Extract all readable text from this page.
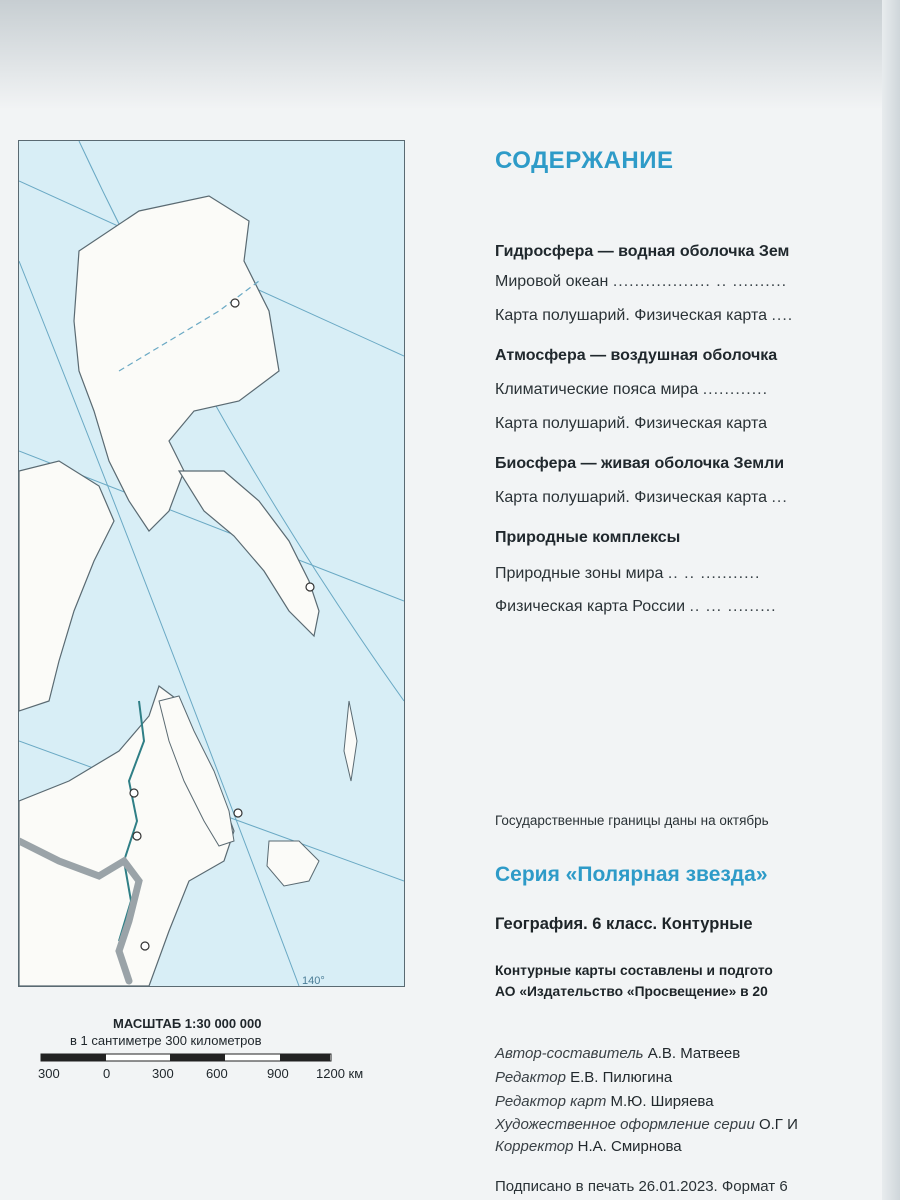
140°
МАСШТАБ 1:30 000 000
в 1 сантиметре 300 километров
300	0	300 600	900 1200 км
СОДЕРЖАНИЕ
Гидросфера — водная оболочка Зем
Мировой океан .................. .. ..........
Карта полушарий. Физическая карта ....
Атмосфера — воздушная оболочка
Климатические пояса мира ............
Карта полушарий. Физическая карта
Биосфера — живая оболочка Земли
Карта полушарий. Физическая карта ...
Природные комплексы
Природные зоны мира .. .. ...........
Физическая карта России .. ... .........
Государственные границы даны на октябрь
Серия «Полярная звезда»
География. 6 класс. Контурные
Контурные карты составлены и подгото
АО «Издательство «Просвещение» в 20
Автор-составитель А.В. Матвеев
Редактор Е.В. Пилюгина
Редактор карт М.Ю. Ширяева
Художественное оформление серии О.Г И
Корректор Н.А. Смирнова
Подписано в печать 26.01.2023. Формат 6
